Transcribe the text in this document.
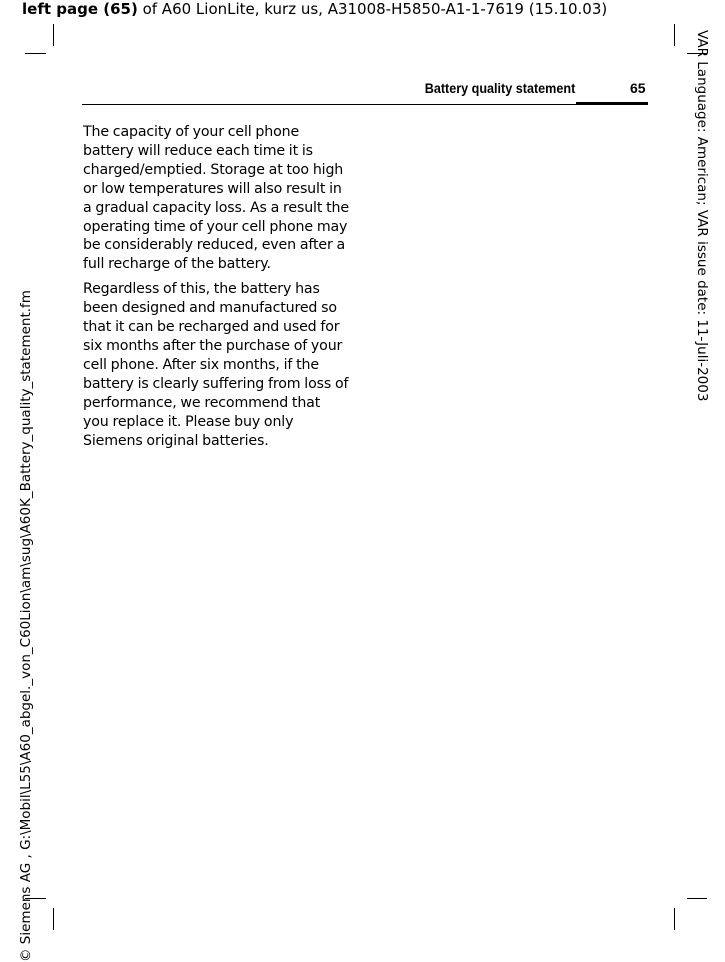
left page (65) of A60 LionLite, kurz us, A31008-H5850-A1-1-7619 (15.10.03)
© Siemens AG , G:\Mobil\L55\A60_abgel._von_C60Lion\am\sug\A60K_Battery_quality_statement.fm
VAR Language: American; VAR issue date: 11-Juli-2003
Battery quality statement	65

The capacity of your cell phone battery will reduce each time it is charged/emptied. Storage at too high or low temperatures will also result in a gradual capacity loss. As a result the operating time of your cell phone may be considerably reduced, even after a full recharge of the battery.

Regardless of this, the battery has been designed and manufactured so that it can be recharged and used for six months after the purchase of your cell phone. After six months, if the battery is clearly suffering from loss of performance, we recommend that you replace it. Please buy only Siemens original batteries.
